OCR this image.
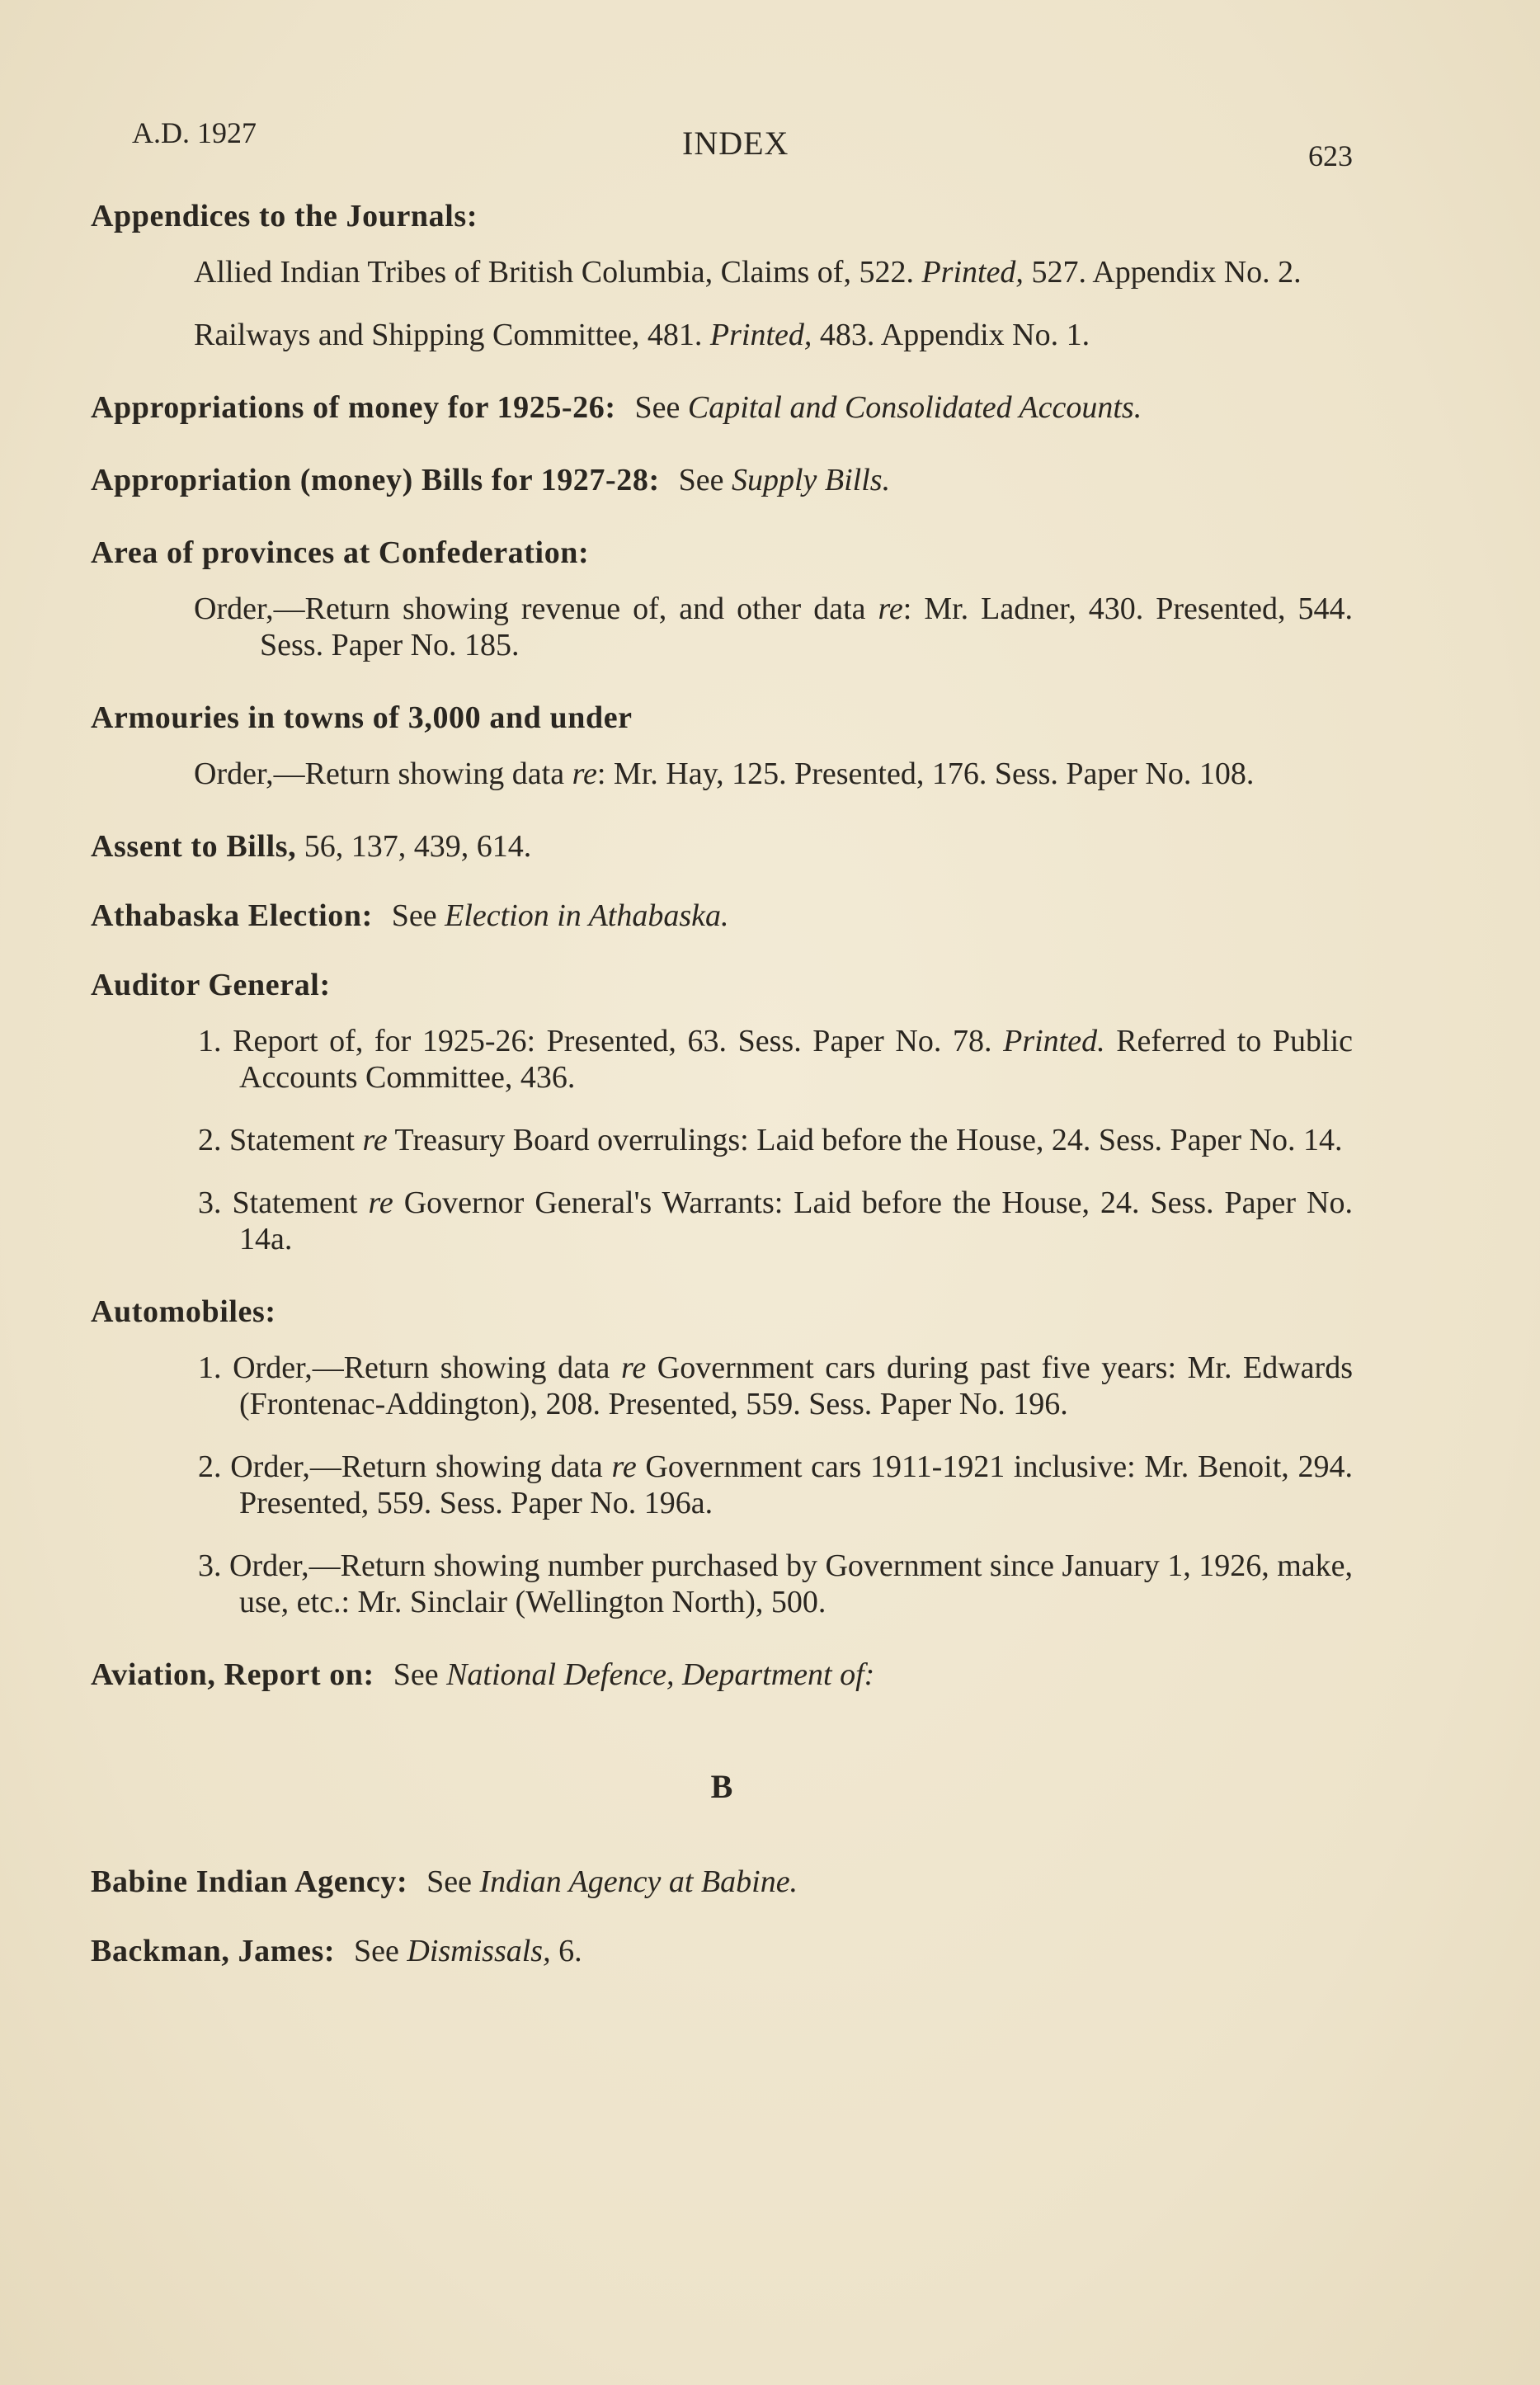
A.D. 1927	INDEX	623
Appendices to the Journals:
Allied Indian Tribes of British Columbia, Claims of, 522. Printed, 527. Appendix No. 2.
Railways and Shipping Committee, 481. Printed, 483. Appendix No. 1.
Appropriations of money for 1925-26: See Capital and Consolidated Accounts.
Appropriation (money) Bills for 1927-28: See Supply Bills.
Area of provinces at Confederation:
Order,—Return showing revenue of, and other data re: Mr. Ladner, 430. Presented, 544. Sess. Paper No. 185.
Armouries in towns of 3,000 and under
Order,—Return showing data re: Mr. Hay, 125. Presented, 176. Sess. Paper No. 108.
Assent to Bills, 56, 137, 439, 614.
Athabaska Election: See Election in Athabaska.
Auditor General:
1. Report of, for 1925-26: Presented, 63. Sess. Paper No. 78. Printed. Referred to Public Accounts Committee, 436.
2. Statement re Treasury Board overrulings: Laid before the House, 24. Sess. Paper No. 14.
3. Statement re Governor General's Warrants: Laid before the House, 24. Sess. Paper No. 14a.
Automobiles:
1. Order,—Return showing data re Government cars during past five years: Mr. Edwards (Frontenac-Addington), 208. Presented, 559. Sess. Paper No. 196.
2. Order,—Return showing data re Government cars 1911-1921 inclusive: Mr. Benoit, 294. Presented, 559. Sess. Paper No. 196a.
3. Order,—Return showing number purchased by Government since January 1, 1926, make, use, etc.: Mr. Sinclair (Wellington North), 500.
Aviation, Report on: See National Defence, Department of:
B
Babine Indian Agency: See Indian Agency at Babine.
Backman, James: See Dismissals, 6.
